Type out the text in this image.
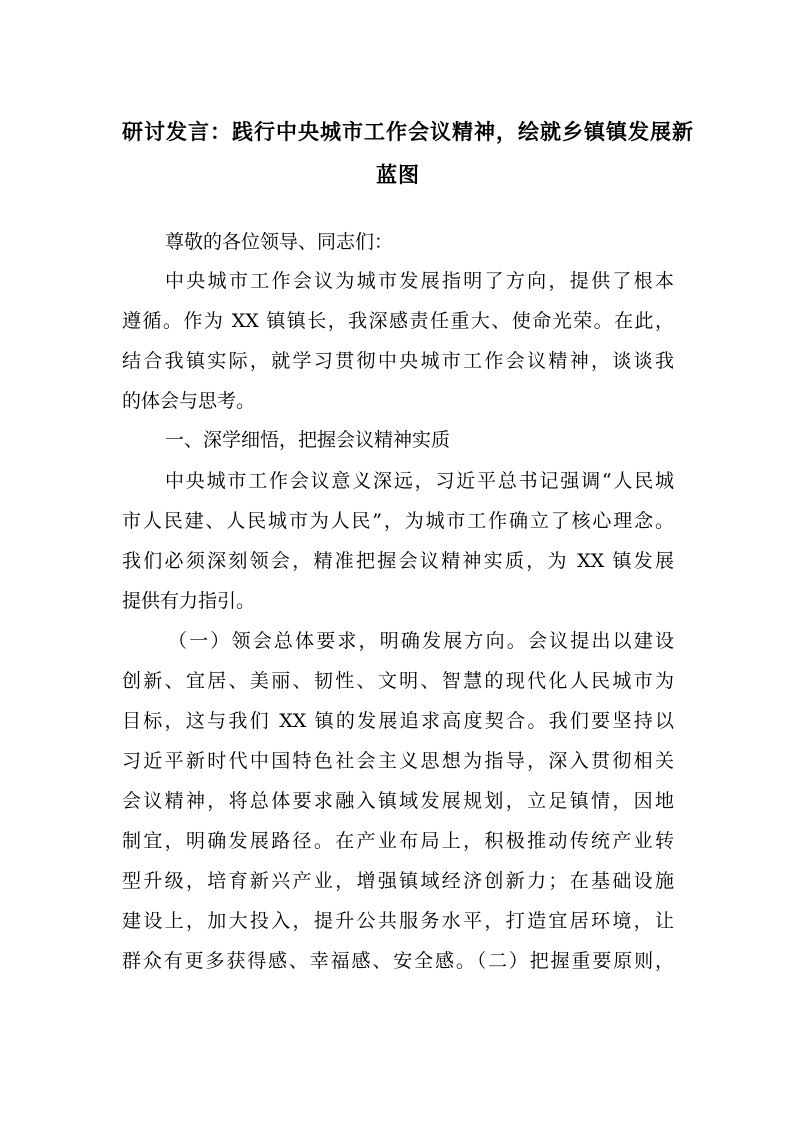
研讨发言：践行中央城市工作会议精神，绘就乡镇镇发展新
蓝图
尊敬的各位领导、同志们：
中央城市工作会议为城市发展指明了方向，提供了根本
遵循。作为 XX 镇镇长，我深感责任重大、使命光荣。在此，
结合我镇实际，就学习贯彻中央城市工作会议精神，谈谈我
的体会与思考。
一、深学细悟，把握会议精神实质
中央城市工作会议意义深远，习近平总书记强调“人民城
市人民建、人民城市为人民”，为城市工作确立了核心理念。
我们必须深刻领会，精准把握会议精神实质，为 XX 镇发展
提供有力指引。
（一）领会总体要求，明确发展方向。会议提出以建设
创新、宜居、美丽、韧性、文明、智慧的现代化人民城市为
目标，这与我们 XX 镇的发展追求高度契合。我们要坚持以
习近平新时代中国特色社会主义思想为指导，深入贯彻相关
会议精神，将总体要求融入镇域发展规划，立足镇情，因地
制宜，明确发展路径。在产业布局上，积极推动传统产业转
型升级，培育新兴产业，增强镇域经济创新力；在基础设施
建设上，加大投入，提升公共服务水平，打造宜居环境，让
群众有更多获得感、幸福感、安全感。（二）把握重要原则，
